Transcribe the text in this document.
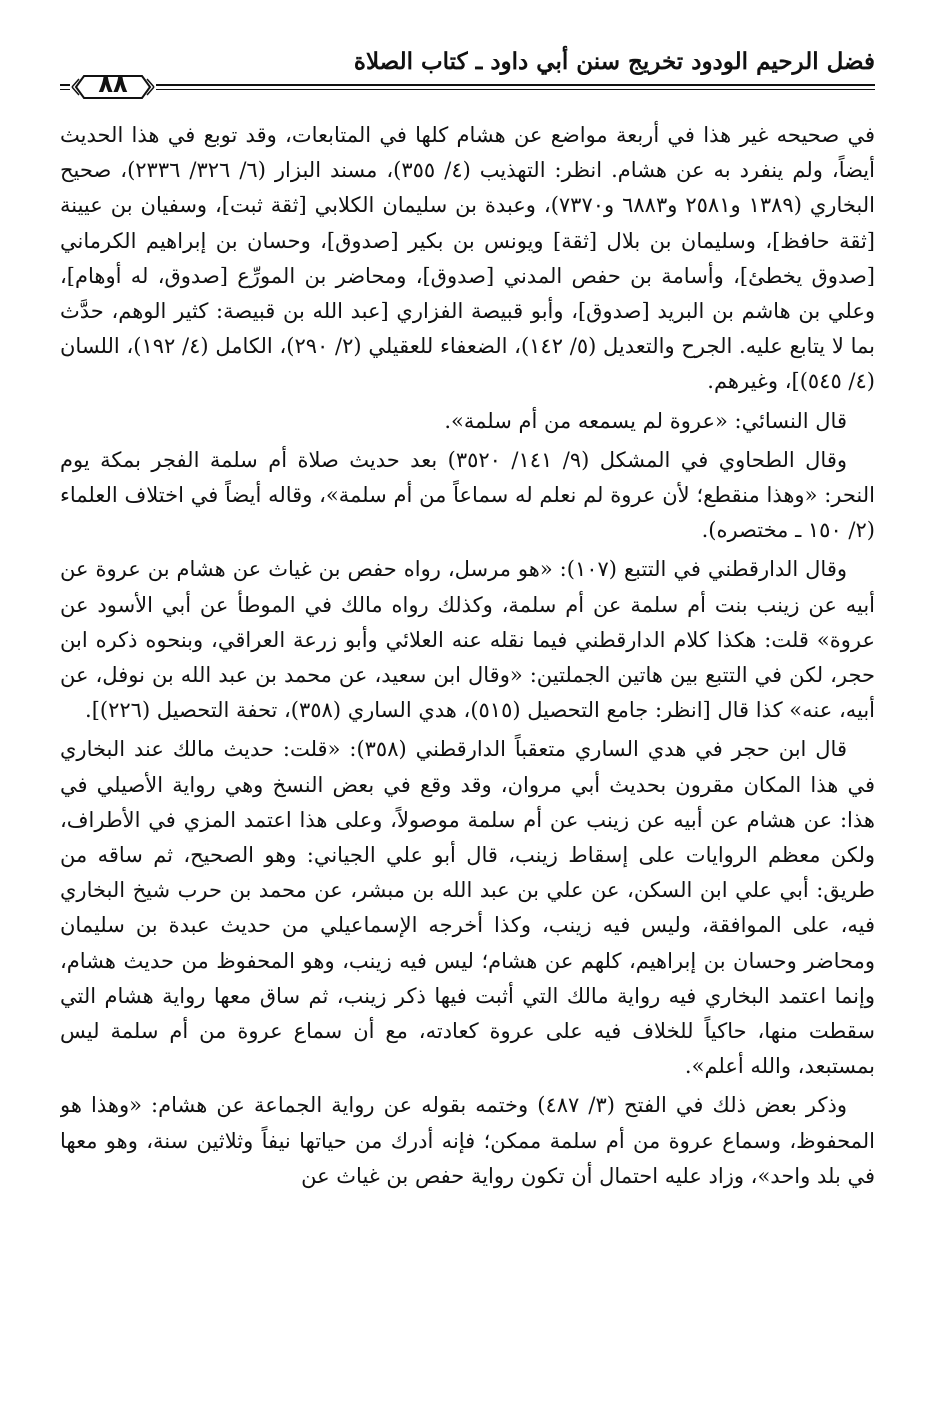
فضل الرحيم الودود تخريج سنن أبي داود ـ كتاب الصلاة
٨٨

في صحيحه غير هذا في أربعة مواضع عن هشام كلها في المتابعات، وقد توبع في هذا الحديث أيضاً، ولم ينفرد به عن هشام. انظر: التهذيب (٤/ ٣٥٥)، مسند البزار (٦/ ٣٢٦/ ٢٣٣٦)، صحيح البخاري (١٣٨٩ و٢٥٨١ و٦٨٨٣ و٧٣٧٠)، وعبدة بن سليمان الكلابي [ثقة ثبت]، وسفيان بن عيينة [ثقة حافظ]، وسليمان بن بلال [ثقة] ويونس بن بكير [صدوق]، وحسان بن إبراهيم الكرماني [صدوق يخطئ]، وأسامة بن حفص المدني [صدوق]، ومحاضر بن المورِّع [صدوق، له أوهام]، وعلي بن هاشم بن البريد [صدوق]، وأبو قبيصة الفزاري [عبد الله بن قبيصة: كثير الوهم، حدَّث بما لا يتابع عليه. الجرح والتعديل (٥/ ١٤٢)، الضعفاء للعقيلي (٢/ ٢٩٠)، الكامل (٤/ ١٩٢)، اللسان (٤/ ٥٤٥)]، وغيرهم.

قال النسائي: «عروة لم يسمعه من أم سلمة».

وقال الطحاوي في المشكل (٩/ ١٤١/ ٣٥٢٠) بعد حديث صلاة أم سلمة الفجر بمكة يوم النحر: «وهذا منقطع؛ لأن عروة لم نعلم له سماعاً من أم سلمة»، وقاله أيضاً في اختلاف العلماء (٢/ ١٥٠ ـ مختصره).

وقال الدارقطني في التتبع (١٠٧): «هو مرسل، رواه حفص بن غياث عن هشام بن عروة عن أبيه عن زينب بنت أم سلمة عن أم سلمة، وكذلك رواه مالك في الموطأ عن أبي الأسود عن عروة» قلت: هكذا كلام الدارقطني فيما نقله عنه العلائي وأبو زرعة العراقي، وبنحوه ذكره ابن حجر، لكن في التتبع بين هاتين الجملتين: «وقال ابن سعيد، عن محمد بن عبد الله بن نوفل، عن أبيه، عنه» كذا قال [انظر: جامع التحصيل (٥١٥)، هدي الساري (٣٥٨)، تحفة التحصيل (٢٢٦)].

قال ابن حجر في هدي الساري متعقباً الدارقطني (٣٥٨): «قلت: حديث مالك عند البخاري في هذا المكان مقرون بحديث أبي مروان، وقد وقع في بعض النسخ وهي رواية الأصيلي في هذا: عن هشام عن أبيه عن زينب عن أم سلمة موصولاً، وعلى هذا اعتمد المزي في الأطراف، ولكن معظم الروايات على إسقاط زينب، قال أبو علي الجياني: وهو الصحيح، ثم ساقه من طريق: أبي علي ابن السكن، عن علي بن عبد الله بن مبشر، عن محمد بن حرب شيخ البخاري فيه، على الموافقة، وليس فيه زينب، وكذا أخرجه الإسماعيلي من حديث عبدة بن سليمان ومحاضر وحسان بن إبراهيم، كلهم عن هشام؛ ليس فيه زينب، وهو المحفوظ من حديث هشام، وإنما اعتمد البخاري فيه رواية مالك التي أثبت فيها ذكر زينب، ثم ساق معها رواية هشام التي سقطت منها، حاكياً للخلاف فيه على عروة كعادته، مع أن سماع عروة من أم سلمة ليس بمستبعد، والله أعلم».

وذكر بعض ذلك في الفتح (٣/ ٤٨٧) وختمه بقوله عن رواية الجماعة عن هشام: «وهذا هو المحفوظ، وسماع عروة من أم سلمة ممكن؛ فإنه أدرك من حياتها نيفاً وثلاثين سنة، وهو معها في بلد واحد»، وزاد عليه احتمال أن تكون رواية حفص بن غياث عن
